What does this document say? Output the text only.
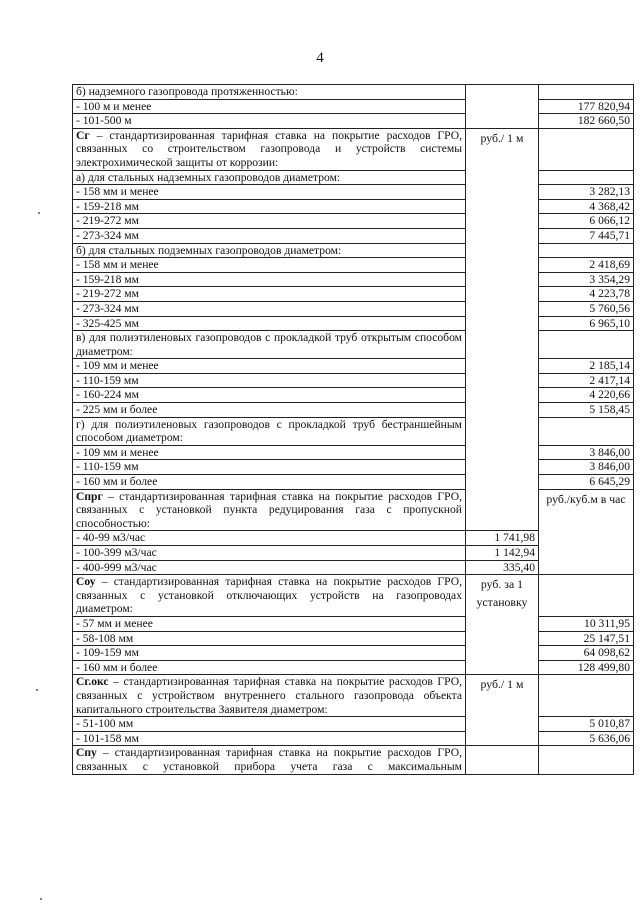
4
б) надземного газопровода протяженностью:			
- 100 м и менее		177 820,94	
- 101-500 м		182 660,50	
Сг – стандартизированная тарифная ставка на покрытие расходов ГРО, связанных со строительством газопровода и устройств системы электрохимической защиты от коррозии:	руб./ 1 м		
а) для стальных надземных газопроводов диаметром:			
- 158 мм и менее		3 282,13	
- 159-218 мм		4 368,42	
- 219-272 мм		6 066,12	
- 273-324 мм		7 445,71	
б) для стальных подземных газопроводов диаметром:			
- 158 мм и менее		2 418,69	
- 159-218 мм		3 354,29	
- 219-272 мм		4 223,78	
- 273-324 мм		5 760,56	
- 325-425 мм		6 965,10	
в) для полиэтиленовых газопроводов с прокладкой труб открытым способом диаметром:			
- 109 мм и менее		2 185,14	
- 110-159 мм		2 417,14	
- 160-224 мм		4 220,66	
- 225 мм и более		5 158,45	
г) для полиэтиленовых газопроводов с прокладкой труб бестраншейным способом диаметром:			
- 109 мм и менее		3 846,00	
- 110-159 мм		3 846,00	
- 160 мм и более		6 645,29	
Спрг – стандартизированная тарифная ставка на покрытие расходов ГРО, связанных с установкой пункта редуцирования газа с пропускной способностью:		руб./куб.м в час	
- 40-99 м3/час	1 741,98		
- 100-399 м3/час	1 142,94		
- 400-999 м3/час	335,40		
Соу – стандартизированная тарифная ставка на покрытие расходов ГРО, связанных с установкой отключающих устройств на газопроводах диаметром:	руб. за 1 установку		
- 57 мм и менее		10 311,95	
- 58-108 мм		25 147,51	
- 109-159 мм		64 098,62	
- 160 мм и более		128 499,80	
Сг.окс – стандартизированная тарифная ставка на покрытие расходов ГРО, связанных с устройством внутреннего стального газопровода объекта капитального строительства Заявителя диаметром:	руб./ 1 м		
- 51-100 мм		5 010,87	
- 101-158 мм		5 636,06	
Спу – стандартизированная тарифная ставка на покрытие расходов ГРО, связанных с установкой прибора учета газа с максимальным			
